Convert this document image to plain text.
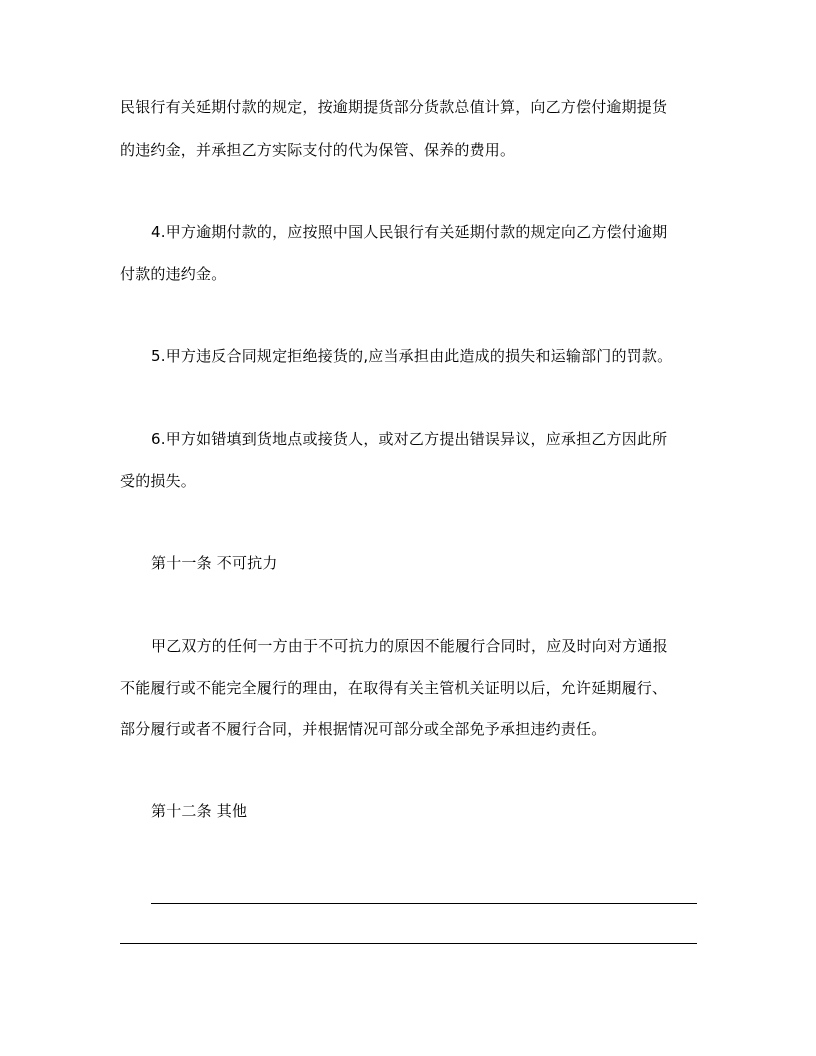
民银行有关延期付款的规定，按逾期提货部分货款总值计算，向乙方偿付逾期提货
的违约金，并承担乙方实际支付的代为保管、保养的费用。
4.甲方逾期付款的，应按照中国人民银行有关延期付款的规定向乙方偿付逾期
付款的违约金。
5.甲方违反合同规定拒绝接货的,应当承担由此造成的损失和运输部门的罚款。
6.甲方如错填到货地点或接货人，或对乙方提出错误异议，应承担乙方因此所
受的损失。
第十一条 不可抗力
甲乙双方的任何一方由于不可抗力的原因不能履行合同时，应及时向对方通报
不能履行或不能完全履行的理由，在取得有关主管机关证明以后，允许延期履行、
部分履行或者不履行合同，并根据情况可部分或全部免予承担违约责任。
第十二条 其他
